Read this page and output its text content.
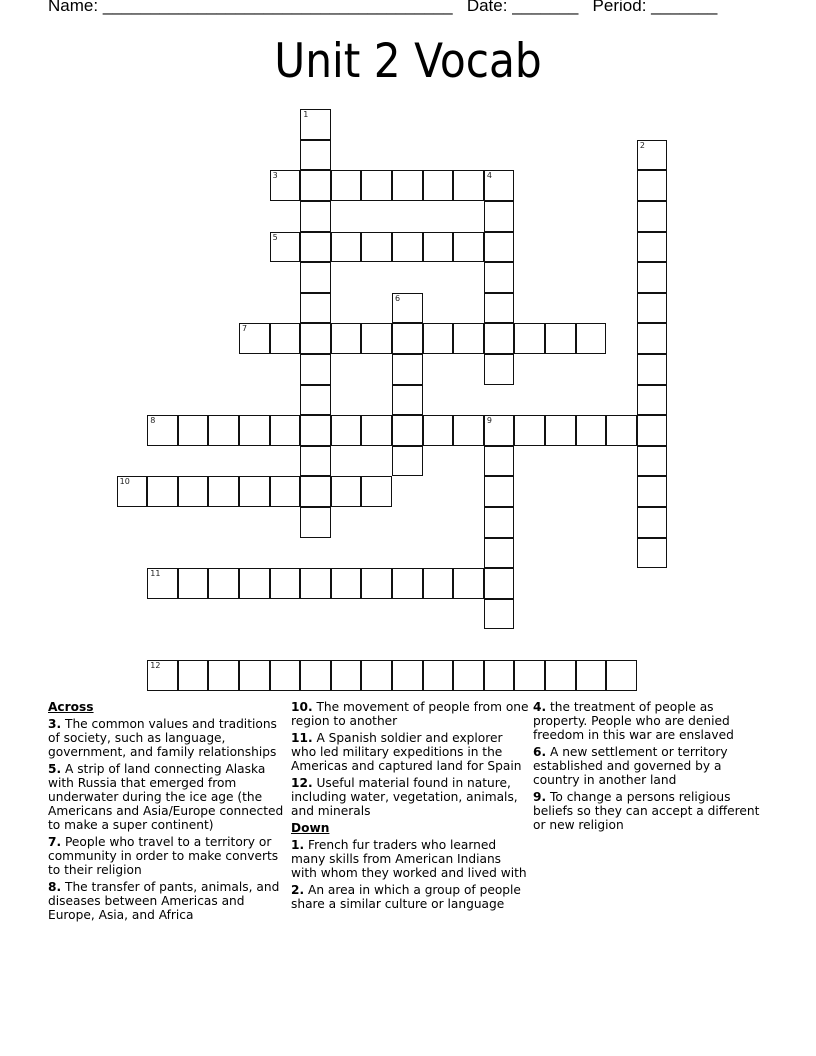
Name: _____________________________________ Date: _______ Period: _______
Unit 2 Vocab
1
2
3	4
5
6
7
8	9
10
11
12
Across
3. The common values and traditions of society, such as language, government, and family relationships
5. A strip of land connecting Alaska with Russia that emerged from underwater during the ice age (the Americans and Asia/Europe connected to make a super continent)
7. People who travel to a territory or community in order to make converts to their religion
8. The transfer of pants, animals, and diseases between Americas and Europe, Asia, and Africa
10. The movement of people from one region to another
11. A Spanish soldier and explorer who led military expeditions in the Americas and captured land for Spain
12. Useful material found in nature, including water, vegetation, animals, and minerals
Down
1. French fur traders who learned many skills from American Indians with whom they worked and lived with
2. An area in which a group of people share a similar culture or language
4. the treatment of people as property. People who are denied freedom in this war are enslaved
6. A new settlement or territory established and governed by a country in another land
9. To change a persons religious beliefs so they can accept a different or new religion
